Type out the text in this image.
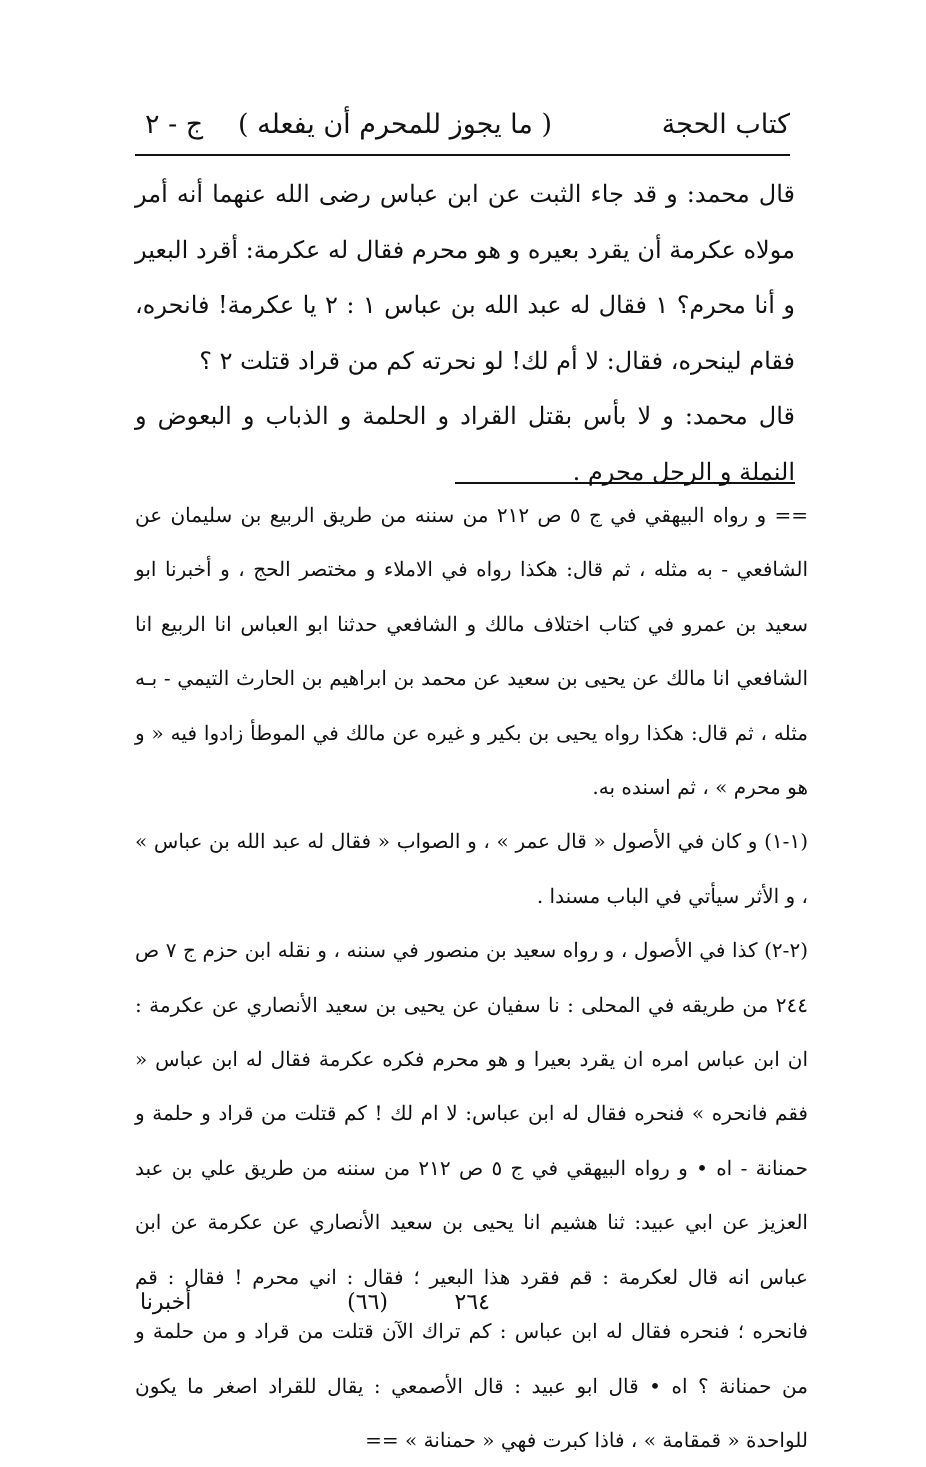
كتاب الحجة
( ما يجوز للمحرم أن يفعله )
ج - ٢

قال محمد: و قد جاء الثبت عن ابن عباس رضى الله عنهما أنه أمر مولاه عكرمة أن يقرد بعيره و هو محرم فقال له عكرمة: أقرد البعير و أنا محرم؟ ١ فقال له عبد الله بن عباس ١ : ٢ يا عكرمة! فانحره، فقام لينحره، فقال: لا أم لك! لو نحرته كم من قراد قتلت ٢ ؟

قال محمد: و لا بأس بقتل القراد و الحلمة و الذباب و البعوض و النملة و الرجل محرم .

== و رواه البيهقي في ج ٥ ص ٢١٢ من سننه من طريق الربيع بن سليمان عن الشافعي - به مثله ، ثم قال: هكذا رواه في الاملاء و مختصر الحج ، و أخبرنا ابو سعيد بن عمرو في كتاب اختلاف مالك و الشافعي حدثنا ابو العباس انا الربيع انا الشافعي انا مالك عن يحيى بن سعيد عن محمد بن ابراهيم بن الحارث التيمي - بـه مثله ، ثم قال: هكذا رواه يحيى بن بكير و غيره عن مالك في الموطأ زادوا فيه « و هو محرم » ، ثم اسنده به.

(١-١) و كان في الأصول « قال عمر » ، و الصواب « فقال له عبد الله بن عباس » ، و الأثر سيأتي في الباب مسندا .

(٢-٢) كذا في الأصول ، و رواه سعيد بن منصور في سننه ، و نقله ابن حزم ج ٧ ص ٢٤٤ من طريقه في المحلى : نا سفيان عن يحيى بن سعيد الأنصاري عن عكرمة : ان ابن عباس امره ان يقرد بعيرا و هو محرم فكره عكرمة فقال له ابن عباس « فقم فانحره » فنحره فقال له ابن عباس: لا ام لك ! كم قتلت من قراد و حلمة و حمنانة - اه • و رواه البيهقي في ج ٥ ص ٢١٢ من سننه من طريق علي بن عبد العزيز عن ابي عبيد: ثنا هشيم انا يحيى بن سعيد الأنصاري عن عكرمة عن ابن عباس انه قال لعكرمة : قم فقرد هذا البعير ؛ فقال : اني محرم ! فقال : قم فانحره ؛ فنحره فقال له ابن عباس : كم تراك الآن قتلت من قراد و من حلمة و من حمنانة ؟ اه • قال ابو عبيد : قال الأصمعي : يقال للقراد اصغر ما يكون للواحدة « قمقامة » ، فاذا كبرت فهي « حمنانة » ==

٢٦٤
(٦٦)
أخبرنا
